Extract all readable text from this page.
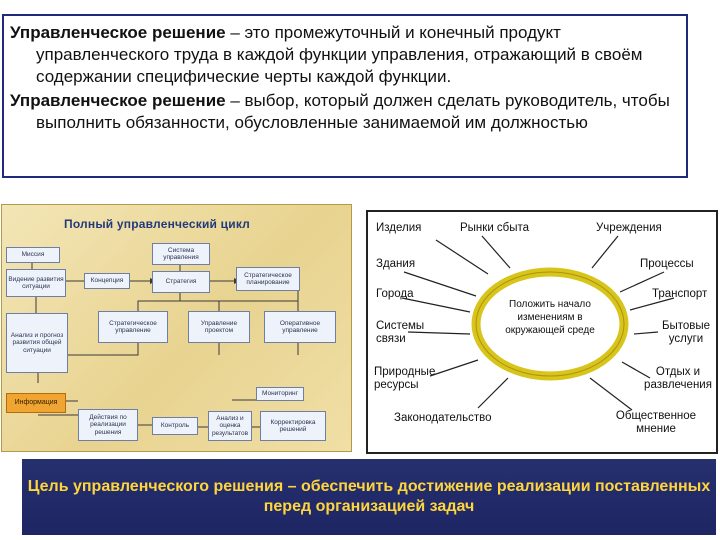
Управленческое решение – это промежуточный и конечный продукт управленческого труда в каждой функции управления, отражающий в своём содержании специфические черты каждой функции.

Управленческое решение – выбор, который должен сделать руководитель, чтобы выполнить обязанности, обусловленные занимаемой им должностью

Полный управленческий цикл
Миссия
Видение развития ситуации
Концепция
Система управления
Стратегия
Стратегическое планирование
Анализ и прогноз развития общей ситуации
Стратегическое управление
Управление проектом
Оперативное управление
Информация
Мониторинг
Действия по реализации решения
Контроль
Анализ и оценка результатов
Корректировка решений
Изделия	Рынки сбыта	Учреждения
Здания	Процессы
Города	Транспорт
Системы связи
Бытовые услуги
Природные ресурсы
Отдых и развлечения
Законодательство	Общественное мнение
Положить начало изменениям в окружающей среде
Цель управленческого решения – обеспечить достижение реализации поставленных перед организацией задач
